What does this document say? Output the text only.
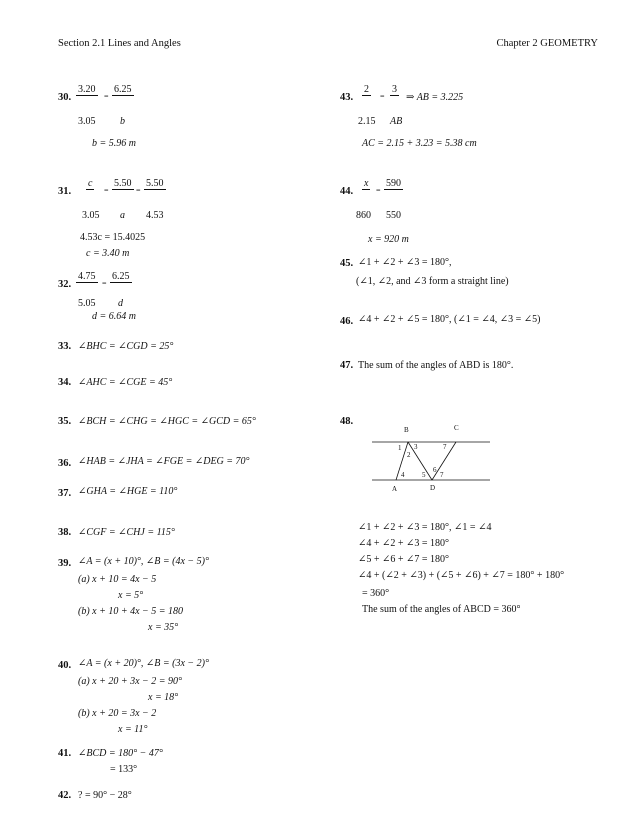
Section 2.1 Lines and Angles	Chapter 2 GEOMETRY
30.
3.20
=
6.25
3.05 b
b = 5.96 m
31.
c
=
5.50
=
5.50
3.05 a 4.53
4.53c = 15.4025
c = 3.40 m
32.
4.75
=
6.25
5.05 d
d = 6.64 m
33. ∠BHC = ∠CGD = 25°
34. ∠AHC = ∠CGE = 45°
35. ∠BCH = ∠CHG = ∠HGC = ∠GCD = 65°
36. ∠HAB = ∠JHA = ∠FGE = ∠DEG = 70°
37. ∠GHA = ∠HGE = 110°
38. ∠CGF = ∠CHJ = 115°
39. ∠A = (x + 10)°, ∠B = (4x − 5)°
(a) x + 10 = 4x − 5
x = 5°
(b) x + 10 + 4x − 5 = 180
x = 35°
40. ∠A = (x + 20)°, ∠B = (3x − 2)°
(a) x + 20 + 3x − 2 = 90°
x = 18°
(b) x + 20 = 3x − 2
x = 11°
41. ∠BCD = 180° − 47°
= 133°
42. ? = 90° − 28°
43.
2
=
3
⇒ AB = 3.225
2.15 AB
AC = 2.15 + 3.23 = 5.38 cm
44.
x
=
590
860 550
x = 920 m
45. ∠1 + ∠2 + ∠3 = 180°,
(∠1, ∠2, and ∠3 form a straight line)
46. ∠4 + ∠2 + ∠5 = 180°, (∠1 = ∠4, ∠3 = ∠5)
47. The sum of the angles of ABD is 180°.
48.
B	C
A	D
1
2
3
4	5
6
7
7
∠1 + ∠2 + ∠3 = 180°, ∠1 = ∠4
∠4 + ∠2 + ∠3 = 180°
∠5 + ∠6 + ∠7 = 180°
∠4 + (∠2 + ∠3) + (∠5 + ∠6) + ∠7 = 180° + 180°
= 360°
The sum of the angles of ABCD = 360°
